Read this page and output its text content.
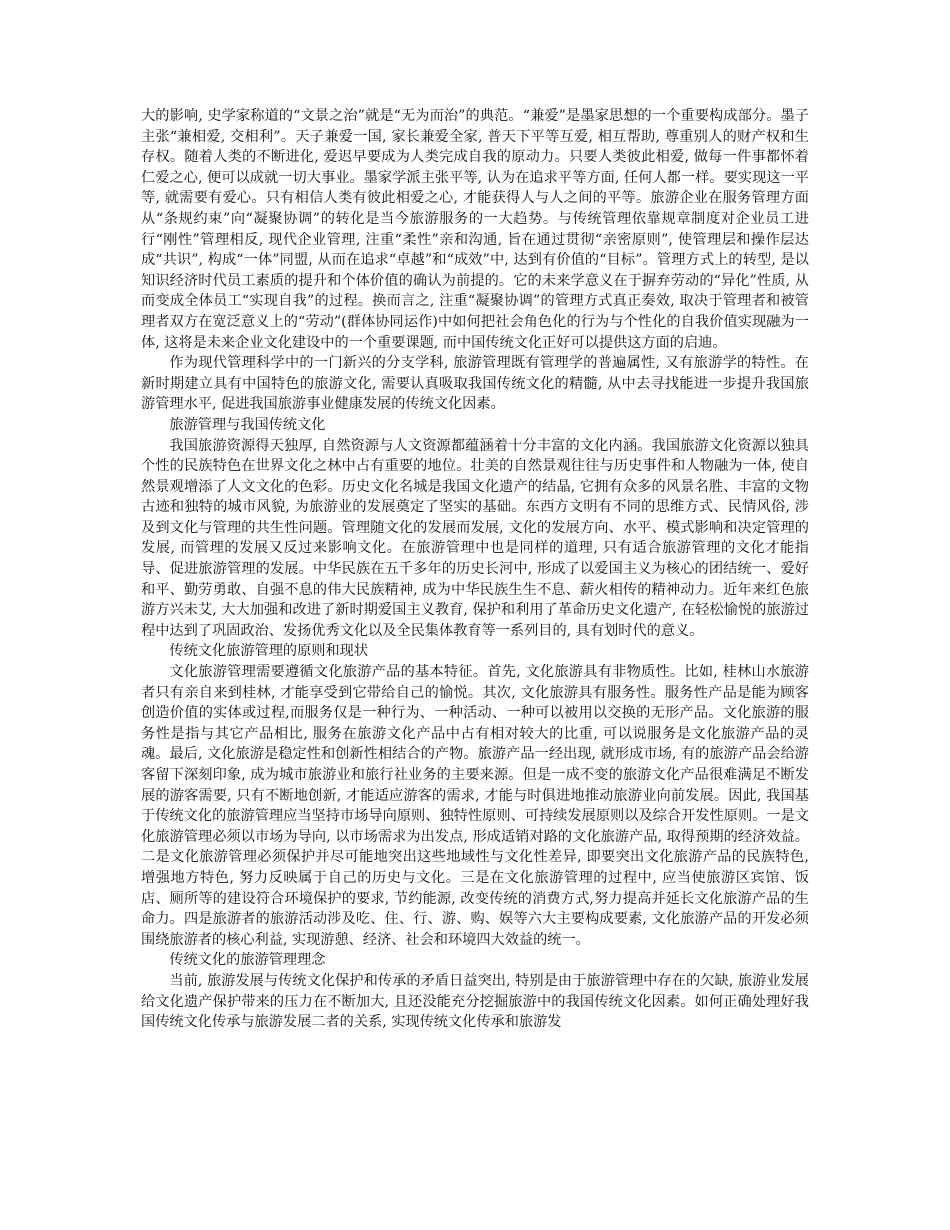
大的影响, 史学家称道的“文景之治”就是“无为而治”的典范。“兼爱”是墨家思想的一个重要构成部分。墨子主张“兼相爱, 交相利”。天子兼爱一国, 家长兼爱全家, 普天下平等互爱, 相互帮助, 尊重别人的财产权和生存权。随着人类的不断进化, 爱迟早要成为人类完成自我的原动力。只要人类彼此相爱, 做每一件事都怀着仁爱之心, 便可以成就一切大事业。墨家学派主张平等, 认为在追求平等方面, 任何人都一样。要实现这一平等, 就需要有爱心。只有相信人类有彼此相爱之心, 才能获得人与人之间的平等。旅游企业在服务管理方面从“条规约束”向“凝聚协调”的转化是当今旅游服务的一大趋势。与传统管理依靠规章制度对企业员工进行“刚性”管理相反, 现代企业管理, 注重“柔性”亲和沟通, 旨在通过贯彻“亲密原则”, 使管理层和操作层达成“共识”, 构成“一体”同盟, 从而在追求“卓越”和“成效”中, 达到有价值的“目标”。管理方式上的转型, 是以知识经济时代员工素质的提升和个体价值的确认为前提的。它的未来学意义在于摒弃劳动的“异化”性质, 从而变成全体员工“实现自我”的过程。换而言之, 注重“凝聚协调”的管理方式真正奏效, 取决于管理者和被管理者双方在宽泛意义上的“劳动”(群体协同运作)中如何把社会角色化的行为与个性化的自我价值实现融为一体, 这将是未来企业文化建设中的一个重要课题, 而中国传统文化正好可以提供这方面的启迪。

作为现代管理科学中的一门新兴的分支学科, 旅游管理既有管理学的普遍属性, 又有旅游学的特性。在新时期建立具有中国特色的旅游文化, 需要认真吸取我国传统文化的精髓, 从中去寻找能进一步提升我国旅游管理水平, 促进我国旅游事业健康发展的传统文化因素。

旅游管理与我国传统文化

我国旅游资源得天独厚, 自然资源与人文资源都蕴涵着十分丰富的文化内涵。我国旅游文化资源以独具个性的民族特色在世界文化之林中占有重要的地位。壮美的自然景观往往与历史事件和人物融为一体, 使自然景观增添了人文文化的色彩。历史文化名城是我国文化遗产的结晶, 它拥有众多的风景名胜、丰富的文物古迹和独特的城市风貌, 为旅游业的发展奠定了坚实的基础。东西方文明有不同的思维方式、民情风俗, 涉及到文化与管理的共生性问题。管理随文化的发展而发展, 文化的发展方向、水平、模式影响和决定管理的发展, 而管理的发展又反过来影响文化。在旅游管理中也是同样的道理, 只有适合旅游管理的文化才能指导、促进旅游管理的发展。中华民族在五千多年的历史长河中, 形成了以爱国主义为核心的团结统一、爱好和平、勤劳勇敢、自强不息的伟大民族精神, 成为中华民族生生不息、薪火相传的精神动力。近年来红色旅游方兴未艾, 大大加强和改进了新时期爱国主义教育, 保护和利用了革命历史文化遗产, 在轻松愉悦的旅游过程中达到了巩固政治、发扬优秀文化以及全民集体教育等一系列目的, 具有划时代的意义。

传统文化旅游管理的原则和现状

文化旅游管理需要遵循文化旅游产品的基本特征。首先, 文化旅游具有非物质性。比如, 桂林山水旅游者只有亲自来到桂林, 才能享受到它带给自己的愉悦。其次, 文化旅游具有服务性。服务性产品是能为顾客创造价值的实体或过程,而服务仅是一种行为、一种活动、一种可以被用以交换的无形产品。文化旅游的服务性是指与其它产品相比, 服务在旅游文化产品中占有相对较大的比重, 可以说服务是文化旅游产品的灵魂。最后, 文化旅游是稳定性和创新性相结合的产物。旅游产品一经出现, 就形成市场, 有的旅游产品会给游客留下深刻印象, 成为城市旅游业和旅行社业务的主要来源。但是一成不变的旅游文化产品很难满足不断发展的游客需要, 只有不断地创新, 才能适应游客的需求, 才能与时俱进地推动旅游业向前发展。因此, 我国基于传统文化的旅游管理应当坚持市场导向原则、独特性原则、可持续发展原则以及综合开发性原则。一是文化旅游管理必须以市场为导向, 以市场需求为出发点, 形成适销对路的文化旅游产品, 取得预期的经济效益。二是文化旅游管理必须保护并尽可能地突出这些地域性与文化性差异, 即要突出文化旅游产品的民族特色, 增强地方特色, 努力反映属于自己的历史与文化。三是在文化旅游管理的过程中, 应当使旅游区宾馆、饭店、厕所等的建设符合环境保护的要求, 节约能源, 改变传统的消费方式,努力提高并延长文化旅游产品的生命力。四是旅游者的旅游活动涉及吃、住、行、游、购、娱等六大主要构成要素, 文化旅游产品的开发必须围绕旅游者的核心利益, 实现游憩、经济、社会和环境四大效益的统一。

传统文化的旅游管理理念

当前, 旅游发展与传统文化保护和传承的矛盾日益突出, 特别是由于旅游管理中存在的欠缺, 旅游业发展给文化遗产保护带来的压力在不断加大, 且还没能充分挖掘旅游中的我国传统文化因素。如何正确处理好我国传统文化传承与旅游发展二者的关系, 实现传统文化传承和旅游发
